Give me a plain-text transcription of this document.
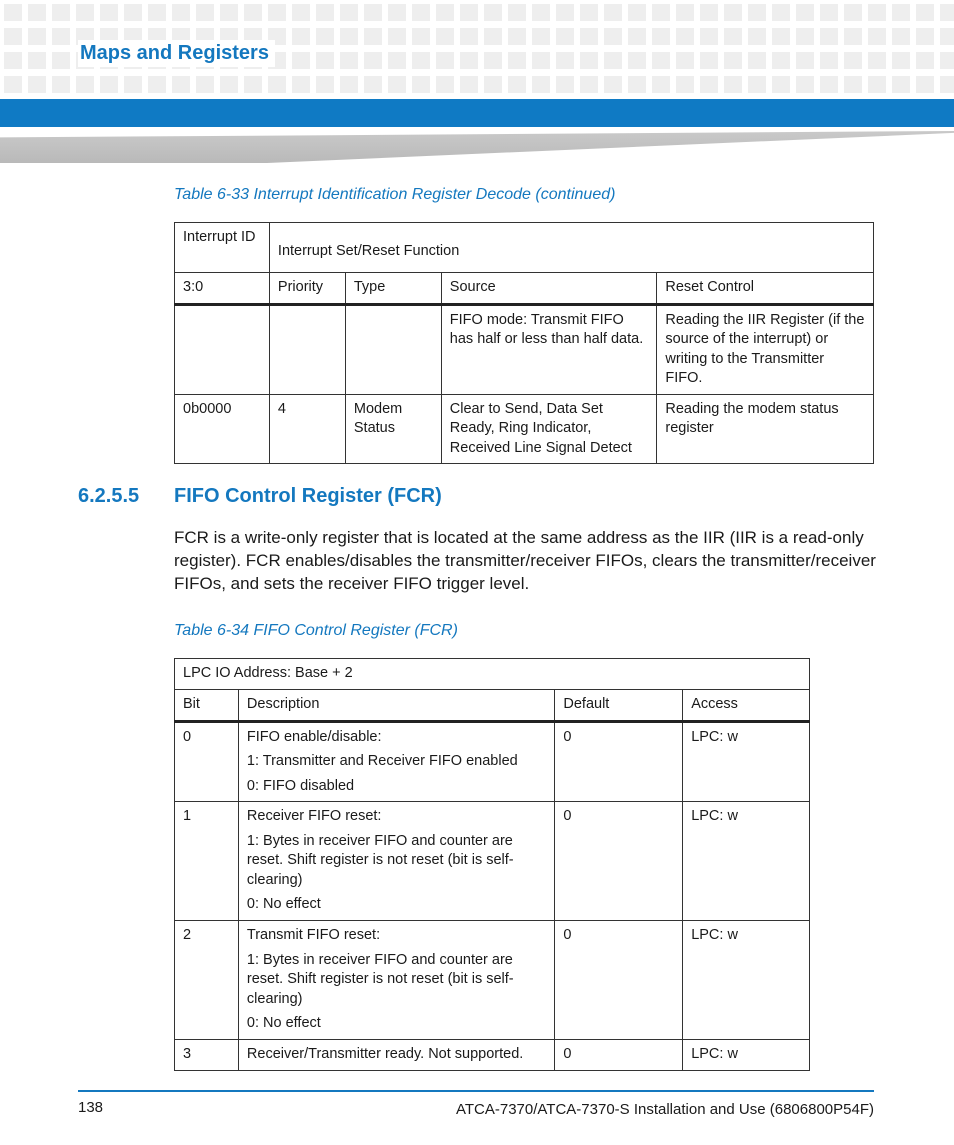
Maps and Registers
Table 6-33 Interrupt Identification Register Decode (continued)
Interrupt ID	Interrupt Set/Reset Function			
3:0	Priority	Type	Source	Reset Control
			FIFO mode: Transmit FIFO has half or less than half data.	Reading the IIR Register (if the source of the interrupt) or writing to the Transmitter FIFO.
0b0000	4	Modem Status	Clear to Send, Data Set Ready, Ring Indicator, Received Line Signal Detect	Reading the modem status register
6.2.5.5 FIFO Control Register (FCR)
FCR is a write-only register that is located at the same address as the IIR (IIR is a read-only register). FCR enables/disables the transmitter/receiver FIFOs, clears the transmitter/receiver FIFOs, and sets the receiver FIFO trigger level.
Table 6-34 FIFO Control Register (FCR)
LPC IO Address: Base + 2			
Bit	Description	Default	Access
0	FIFO enable/disable:

1: Transmitter and Receiver FIFO enabled

0: FIFO disabled	0	LPC: w
1	Receiver FIFO reset:

1: Bytes in receiver FIFO and counter are reset. Shift register is not reset (bit is self-clearing)

0: No effect	0	LPC: w
2	Transmit FIFO reset:

1: Bytes in receiver FIFO and counter are reset. Shift register is not reset (bit is self-clearing)

0: No effect	0	LPC: w
3	Receiver/Transmitter ready. Not supported.	0	LPC: w
138	ATCA-7370/ATCA-7370-S Installation and Use (6806800P54F)
